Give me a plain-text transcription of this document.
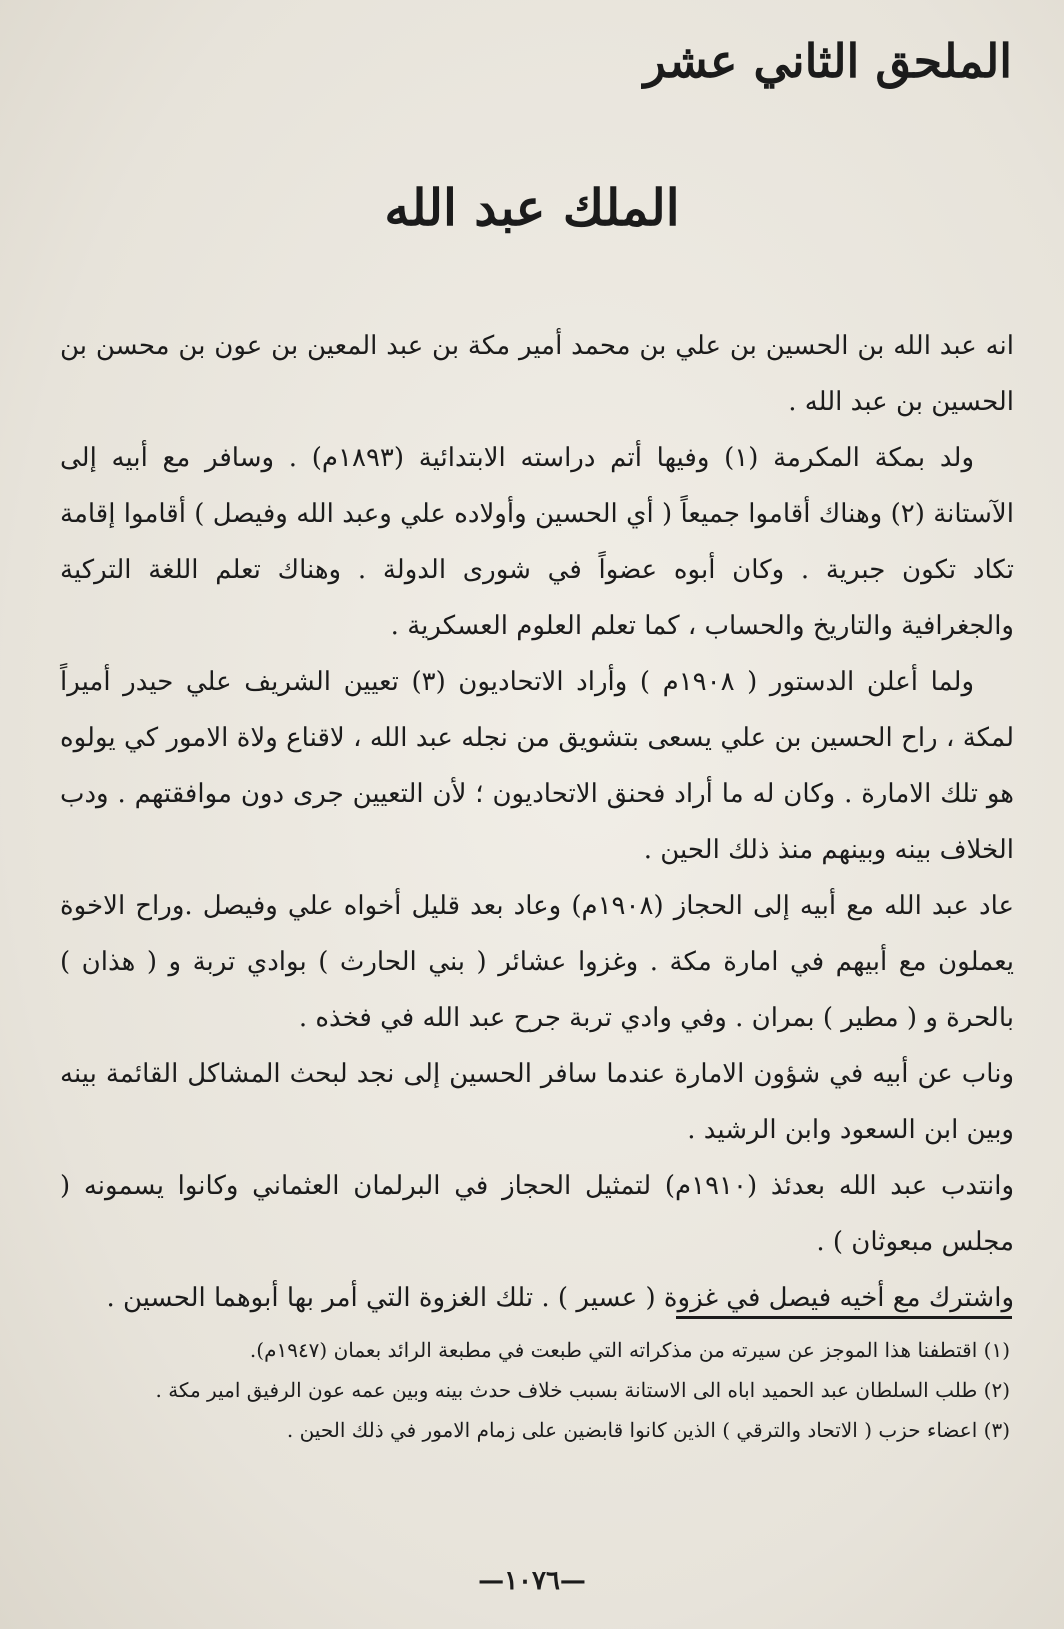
الملحق الثاني عشر
الملك عبد الله

انه عبد الله بن الحسين بن علي بن محمد أمير مكة بن عبد المعين بن عون بن محسن بن الحسين بن عبد الله .

ولد بمكة المكرمة (١) وفيها أتم دراسته الابتدائية (١٨٩٣م) . وسافر مع أبيه إلى الآستانة (٢) وهناك أقاموا جميعاً ( أي الحسين وأولاده علي وعبد الله وفيصل ) أقاموا إقامة تكاد تكون جبرية . وكان أبوه عضواً في شورى الدولة . وهناك تعلم اللغة التركية والجغرافية والتاريخ والحساب ، كما تعلم العلوم العسكرية .

ولما أعلن الدستور ( ١٩٠٨م ) وأراد الاتحاديون (٣) تعيين الشريف علي حيدر أميراً لمكة ، راح الحسين بن علي يسعى بتشويق من نجله عبد الله ، لاقناع ولاة الامور كي يولوه هو تلك الامارة . وكان له ما أراد فحنق الاتحاديون ؛ لأن التعيين جرى دون موافقتهم . ودب الخلاف بينه وبينهم منذ ذلك الحين .

عاد عبد الله مع أبيه إلى الحجاز (١٩٠٨م) وعاد بعد قليل أخواه علي وفيصل .وراح الاخوة يعملون مع أبيهم في امارة مكة . وغزوا عشائر ( بني الحارث ) بوادي تربة و ( هذان ) بالحرة و ( مطير ) بمران . وفي وادي تربة جرح عبد الله في فخذه .

وناب عن أبيه في شؤون الامارة عندما سافر الحسين إلى نجد لبحث المشاكل القائمة بينه وبين ابن السعود وابن الرشيد .

وانتدب عبد الله بعدئذ (١٩١٠م) لتمثيل الحجاز في البرلمان العثماني وكانوا يسمونه ( مجلس مبعوثان ) .

واشترك مع أخيه فيصل في غزوة ( عسير ) . تلك الغزوة التي أمر بها أبوهما الحسين .

(١) اقتطفنا هذا الموجز عن سيرته من مذكراته التي طبعت في مطبعة الرائد بعمان (١٩٤٧م).

(٢) طلب السلطان عبد الحميد اباه الى الاستانة بسبب خلاف حدث بينه وبين عمه عون الرفيق امير مكة .

(٣) اعضاء حزب ( الاتحاد والترقي ) الذين كانوا قابضين على زمام الامور في ذلك الحين .

—١٠٧٦—
